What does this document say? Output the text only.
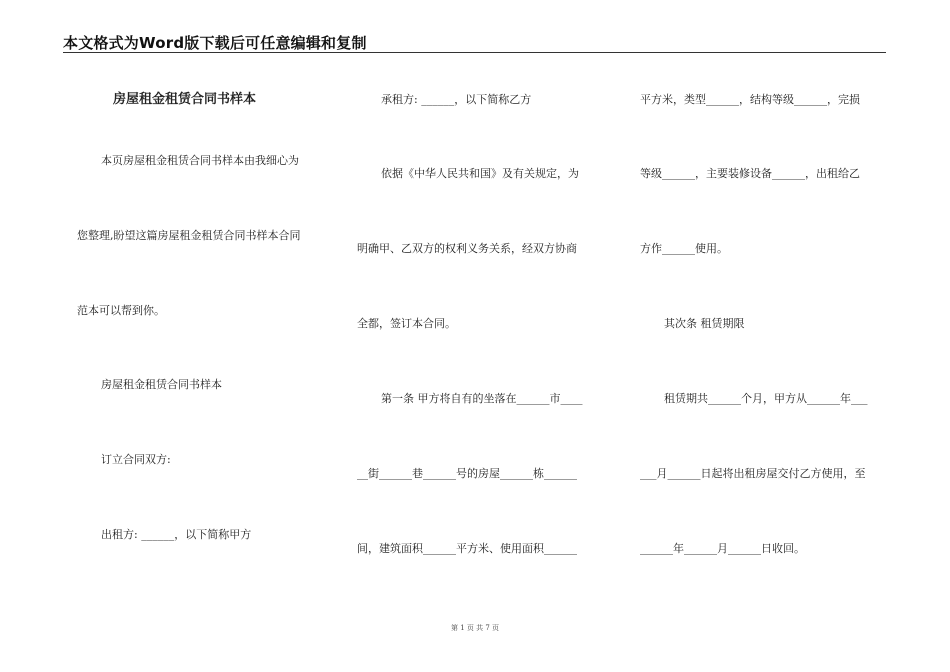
本文格式为Word版下载后可任意编辑和复制
房屋租金租赁合同书样本
本页房屋租金租赁合同书样本由我细心为
您整理,盼望这篇房屋租金租赁合同书样本合同
范本可以帮到你。
房屋租金租赁合同书样本
订立合同双方:
出租方: ______，以下简称甲方
承租方: ______，以下简称乙方
依据《中华人民共和国》及有关规定，为
明确甲、乙双方的权利义务关系，经双方协商
全都，签订本合同。
第一条 甲方将自有的坐落在______市____
__街______巷______号的房屋______栋______
间，建筑面积______平方米、使用面积______
平方米，类型______，结构等级______，完损
等级______，主要装修设备______，出租给乙
方作______使用。
其次条 租赁期限
租赁期共______个月，甲方从______年___
___月______日起将出租房屋交付乙方使用，至
______年______月______日收回。
第 1 页 共 7 页
